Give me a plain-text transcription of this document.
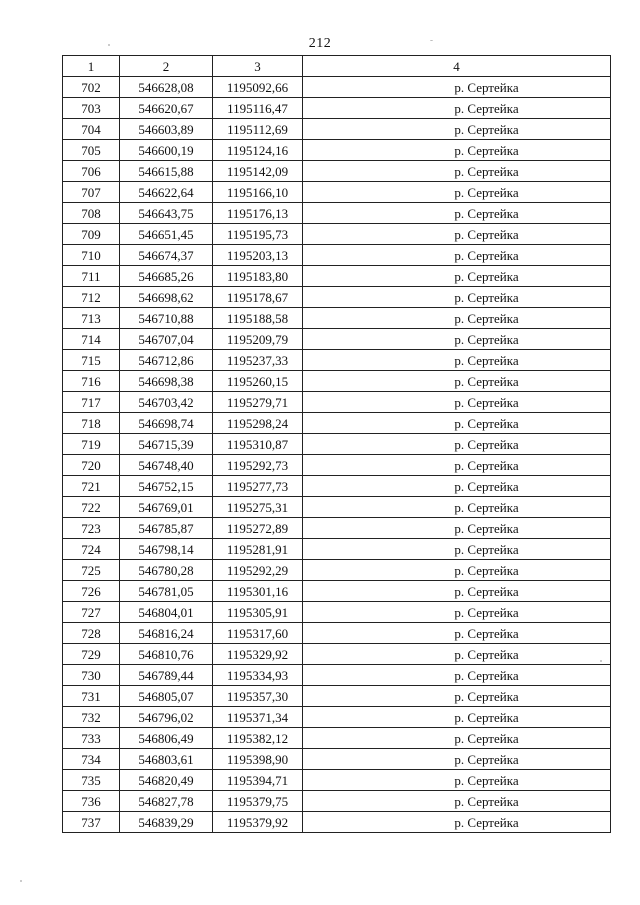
212
1	2	3	4
702	546628,08	1195092,66	р. Сертейка
703	546620,67	1195116,47	р. Сертейка
704	546603,89	1195112,69	р. Сертейка
705	546600,19	1195124,16	р. Сертейка
706	546615,88	1195142,09	р. Сертейка
707	546622,64	1195166,10	р. Сертейка
708	546643,75	1195176,13	р. Сертейка
709	546651,45	1195195,73	р. Сертейка
710	546674,37	1195203,13	р. Сертейка
711	546685,26	1195183,80	р. Сертейка
712	546698,62	1195178,67	р. Сертейка
713	546710,88	1195188,58	р. Сертейка
714	546707,04	1195209,79	р. Сертейка
715	546712,86	1195237,33	р. Сертейка
716	546698,38	1195260,15	р. Сертейка
717	546703,42	1195279,71	р. Сертейка
718	546698,74	1195298,24	р. Сертейка
719	546715,39	1195310,87	р. Сертейка
720	546748,40	1195292,73	р. Сертейка
721	546752,15	1195277,73	р. Сертейка
722	546769,01	1195275,31	р. Сертейка
723	546785,87	1195272,89	р. Сертейка
724	546798,14	1195281,91	р. Сертейка
725	546780,28	1195292,29	р. Сертейка
726	546781,05	1195301,16	р. Сертейка
727	546804,01	1195305,91	р. Сертейка
728	546816,24	1195317,60	р. Сертейка
729	546810,76	1195329,92	р. Сертейка
730	546789,44	1195334,93	р. Сертейка
731	546805,07	1195357,30	р. Сертейка
732	546796,02	1195371,34	р. Сертейка
733	546806,49	1195382,12	р. Сертейка
734	546803,61	1195398,90	р. Сертейка
735	546820,49	1195394,71	р. Сертейка
736	546827,78	1195379,75	р. Сертейка
737	546839,29	1195379,92	р. Сертейка
